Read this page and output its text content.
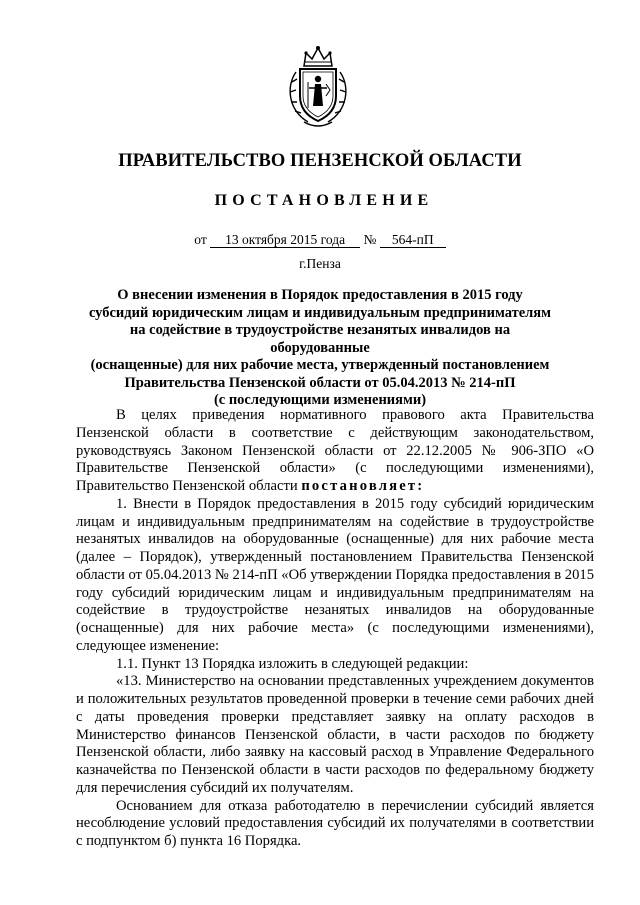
ПРАВИТЕЛЬСТВО ПЕНЗЕНСКОЙ ОБЛАСТИ
ПОСТАНОВЛЕНИЕ
от 13 октября 2015 года № 564-пП
г.Пенза
О внесении изменения в Порядок предоставления в 2015 году
субсидий юридическим лицам и индивидуальным предпринимателям
на содействие в трудоустройстве незанятых инвалидов на оборудованные
(оснащенные) для них рабочие места, утвержденный постановлением
Правительства Пензенской области от 05.04.2013 № 214-пП
(с последующими изменениями)

В целях приведения нормативного правового акта Правительства Пензенской области в соответствие с действующим законодательством, руководствуясь Законом Пензенской области от 22.12.2005 № 906-ЗПО «О Правительстве Пензенской области» (с последующими изменениями), Правительство Пензенской области постановляет:

1. Внести в Порядок предоставления в 2015 году субсидий юридическим лицам и индивидуальным предпринимателям на содействие в трудоустройстве незанятых инвалидов на оборудованные (оснащенные) для них рабочие места (далее – Порядок), утвержденный постановлением Правительства Пензенской области от 05.04.2013 № 214-пП «Об утверждении Порядка предоставления в 2015 году субсидий юридическим лицам и индивидуальным предпринимателям на содействие в трудоустройстве незанятых инвалидов на оборудованные (оснащенные) для них рабочие места» (с последующими изменениями), следующее изменение:

1.1. Пункт 13 Порядка изложить в следующей редакции:

«13. Министерство на основании представленных учреждением документов и положительных результатов проведенной проверки в течение семи рабочих дней с даты проведения проверки представляет заявку на оплату расходов в Министерство финансов Пензенской области, в части расходов по бюджету Пензенской области, либо заявку на кассовый расход в Управление Федерального казначейства по Пензенской области в части расходов по федеральному бюджету для перечисления субсидий их получателям.

Основанием для отказа работодателю в перечислении субсидий является несоблюдение условий предоставления субсидий их получателями в соответствии с подпунктом б) пункта 16 Порядка.
